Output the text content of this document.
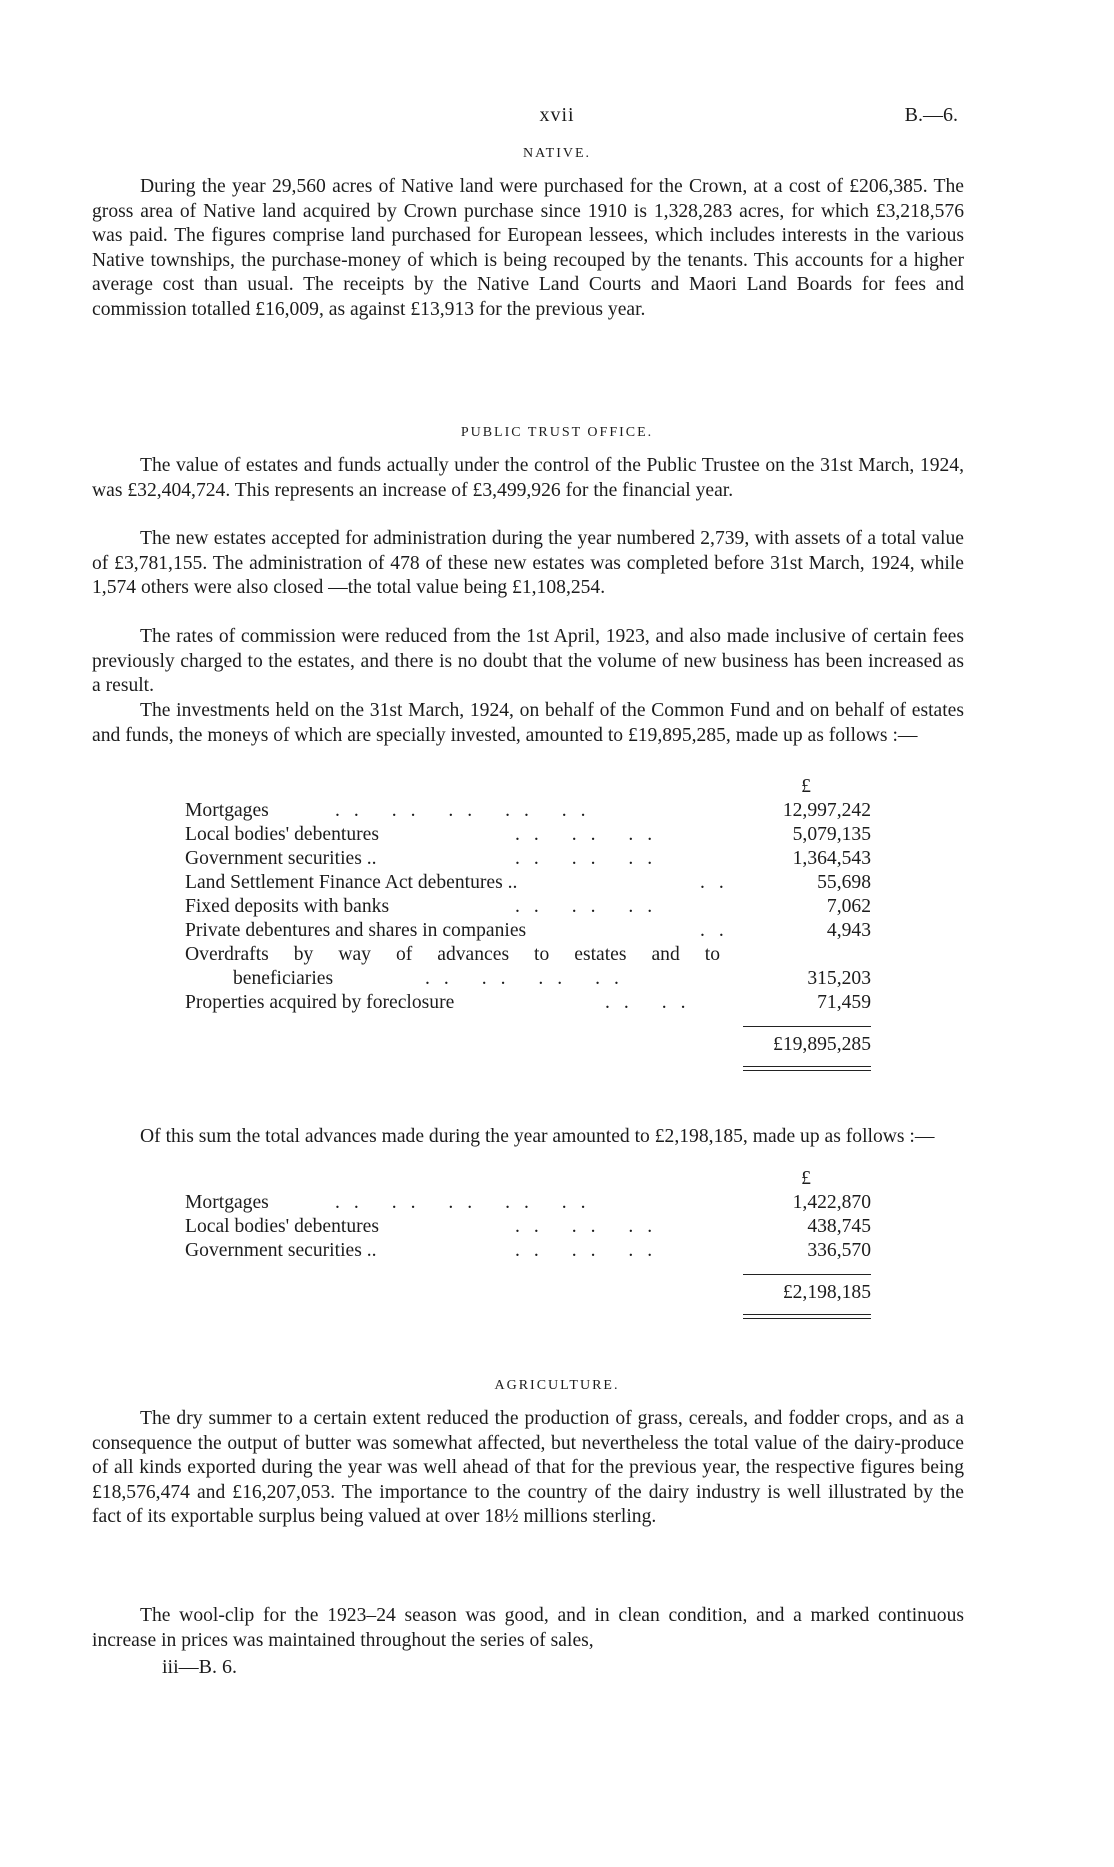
xvii	B.—6.
NATIVE.

During the year 29,560 acres of Native land were purchased for the Crown, at a cost of £206,385. The gross area of Native land acquired by Crown purchase since 1910 is 1,328,283 acres, for which £3,218,576 was paid. The figures comprise land purchased for European lessees, which includes interests in the various Native townships, the purchase-money of which is being recouped by the tenants. This accounts for a higher average cost than usual. The receipts by the Native Land Courts and Maori Land Boards for fees and commission totalled £16,009, as against £13,913 for the previous year.

PUBLIC TRUST OFFICE.

The value of estates and funds actually under the control of the Public Trustee on the 31st March, 1924, was £32,404,724. This represents an increase of £3,499,926 for the financial year.

The new estates accepted for administration during the year numbered 2,739, with assets of a total value of £3,781,155. The administration of 478 of these new estates was completed before 31st March, 1924, while 1,574 others were also closed —the total value being £1,108,254.

The rates of commission were reduced from the 1st April, 1923, and also made inclusive of certain fees previously charged to the estates, and there is no doubt that the volume of new business has been increased as a result.

The investments held on the 31st March, 1924, on behalf of the Common Fund and on behalf of estates and funds, the moneys of which are specially invested, amounted to £19,895,285, made up as follows :—

£
Mortgages	.. .. .. .. ..	12,997,242
Local bodies' debentures	.. .. ..	5,079,135
Government securities ..	.. .. ..	1,364,543
Land Settlement Finance Act debentures ..	..	55,698
Fixed deposits with banks	.. .. ..	7,062
Private debentures and shares in companies	..	4,943
Overdrafts by way of advances to estates and to
beneficiaries	.. .. .. ..	315,203
Properties acquired by foreclosure	.. ..	71,459
£19,895,285

Of this sum the total advances made during the year amounted to £2,198,185, made up as follows :—

£
Mortgages	.. .. .. .. ..	1,422,870
Local bodies' debentures	.. .. ..	438,745
Government securities ..	.. .. ..	336,570
£2,198,185
AGRICULTURE.

The dry summer to a certain extent reduced the production of grass, cereals, and fodder crops, and as a consequence the output of butter was somewhat affected, but nevertheless the total value of the dairy-produce of all kinds exported during the year was well ahead of that for the previous year, the respective figures being £18,576,474 and £16,207,053. The importance to the country of the dairy industry is well illustrated by the fact of its exportable surplus being valued at over 18½ millions sterling.

The wool-clip for the 1923–24 season was good, and in clean condition, and a marked continuous increase in prices was maintained throughout the series of sales,

iii—B. 6.
